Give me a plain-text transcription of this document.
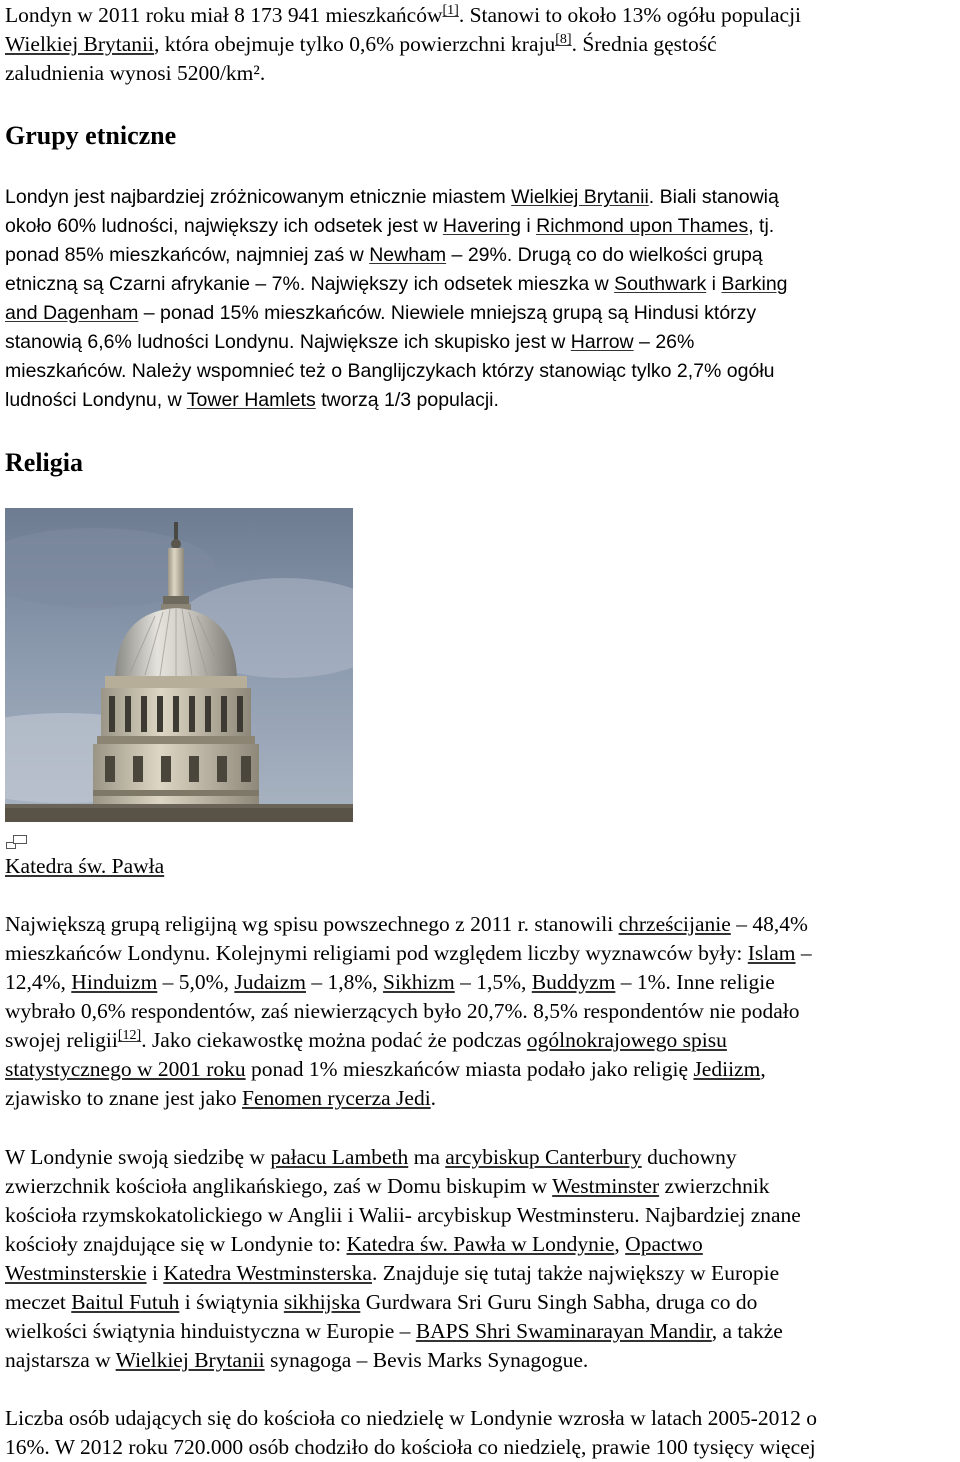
Londyn w 2011 roku miał 8 173 941 mieszkańców[1]. Stanowi to około 13% ogółu populacji
Wielkiej Brytanii, która obejmuje tylko 0,6% powierzchni kraju[8]. Średnia gęstość
zaludnienia wynosi 5200/km².

Grupy etniczne

Londyn jest najbardziej zróżnicowanym etnicznie miastem Wielkiej Brytanii. Biali stanowią
około 60% ludności, największy ich odsetek jest w Havering i Richmond upon Thames, tj.
ponad 85% mieszkańców, najmniej zaś w Newham – 29%. Drugą co do wielkości grupą
etniczną są Czarni afrykanie – 7%. Największy ich odsetek mieszka w Southwark i Barking
and Dagenham – ponad 15% mieszkańców. Niewiele mniejszą grupą są Hindusi którzy
stanowią 6,6% ludności Londynu. Największe ich skupisko jest w Harrow – 26%
mieszkańców. Należy wspomnieć też o Banglijczykach którzy stanowiąc tylko 2,7% ogółu
ludności Londynu, w Tower Hamlets tworzą 1/3 populacji.

Religia

Katedra św. Pawła

Największą grupą religijną wg spisu powszechnego z 2011 r. stanowili chrześcijanie – 48,4%
mieszkańców Londynu. Kolejnymi religiami pod względem liczby wyznawców były: Islam –
12,4%, Hinduizm – 5,0%, Judaizm – 1,8%, Sikhizm – 1,5%, Buddyzm – 1%. Inne religie
wybrało 0,6% respondentów, zaś niewierzących było 20,7%. 8,5% respondentów nie podało
swojej religii[12]. Jako ciekawostkę można podać że podczas ogólnokrajowego spisu
statystycznego w 2001 roku ponad 1% mieszkańców miasta podało jako religię Jediizm,
zjawisko to znane jest jako Fenomen rycerza Jedi.

W Londynie swoją siedzibę w pałacu Lambeth ma arcybiskup Canterbury duchowny
zwierzchnik kościoła anglikańskiego, zaś w Domu biskupim w Westminster zwierzchnik
kościoła rzymskokatolickiego w Anglii i Walii- arcybiskup Westminsteru. Najbardziej znane
kościoły znajdujące się w Londynie to: Katedra św. Pawła w Londynie, Opactwo
Westminsterskie i Katedra Westminsterska. Znajduje się tutaj także największy w Europie
meczet Baitul Futuh i świątynia sikhijska Gurdwara Sri Guru Singh Sabha, druga co do
wielkości świątynia hinduistyczna w Europie – BAPS Shri Swaminarayan Mandir, a także
najstarsza w Wielkiej Brytanii synagoga – Bevis Marks Synagogue.

Liczba osób udających się do kościoła co niedzielę w Londynie wzrosła w latach 2005-2012 o
16%. W 2012 roku 720.000 osób chodziło do kościoła co niedzielę, prawie 100 tysięcy więcej
